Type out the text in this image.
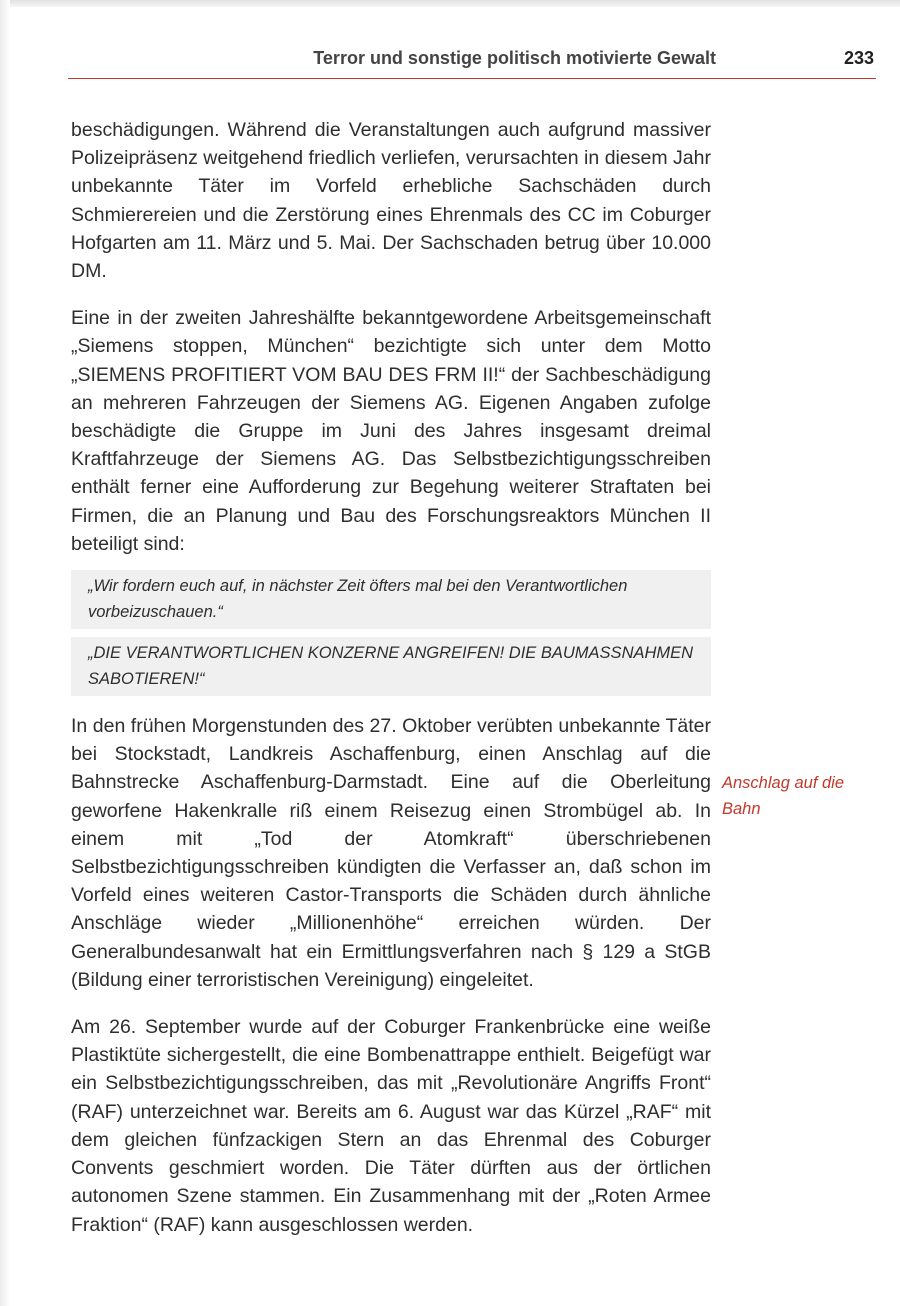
Terror und sonstige politisch motivierte Gewalt	233

beschädigungen. Während die Veranstaltungen auch aufgrund massiver Polizeipräsenz weitgehend friedlich verliefen, verursachten in diesem Jahr unbekannte Täter im Vorfeld erhebliche Sachschäden durch Schmierereien und die Zerstörung eines Ehrenmals des CC im Coburger Hofgarten am 11. März und 5. Mai. Der Sachschaden betrug über 10.000 DM.

Eine in der zweiten Jahreshälfte bekanntgewordene Arbeitsgemeinschaft „Siemens stoppen, München“ bezichtigte sich unter dem Motto „SIEMENS PROFITIERT VOM BAU DES FRM II!“ der Sachbeschädigung an mehreren Fahrzeugen der Siemens AG. Eigenen Angaben zufolge beschädigte die Gruppe im Juni des Jahres insgesamt dreimal Kraftfahrzeuge der Siemens AG. Das Selbstbezichtigungsschreiben enthält ferner eine Aufforderung zur Begehung weiterer Straftaten bei Firmen, die an Planung und Bau des Forschungsreaktors München II beteiligt sind:

„Wir fordern euch auf, in nächster Zeit öfters mal bei den Verantwortlichen vorbeizuschauen.“
„DIE VERANTWORTLICHEN KONZERNE ANGREIFEN! DIE BAUMASSNAHMEN SABOTIEREN!“

In den frühen Morgenstunden des 27. Oktober verübten unbekannte Täter bei Stockstadt, Landkreis Aschaffenburg, einen Anschlag auf die Bahnstrecke Aschaffenburg-Darmstadt. Eine auf die Oberleitung geworfene Hakenkralle riß einem Reisezug einen Strombügel ab. In einem mit „Tod der Atomkraft“ überschriebenen Selbstbezichtigungsschreiben kündigten die Verfasser an, daß schon im Vorfeld eines weiteren Castor-Transports die Schäden durch ähnliche Anschläge wieder „Millionenhöhe“ erreichen würden. Der Generalbundesanwalt hat ein Ermittlungsverfahren nach § 129 a StGB (Bildung einer terroristischen Vereinigung) eingeleitet.

Am 26. September wurde auf der Coburger Frankenbrücke eine weiße Plastiktüte sichergestellt, die eine Bombenattrappe enthielt. Beigefügt war ein Selbstbezichtigungsschreiben, das mit „Revolutionäre Angriffs Front“ (RAF) unterzeichnet war. Bereits am 6. August war das Kürzel „RAF“ mit dem gleichen fünfzackigen Stern an das Ehrenmal des Coburger Convents geschmiert worden. Die Täter dürften aus der örtlichen autonomen Szene stammen. Ein Zusammenhang mit der „Roten Armee Fraktion“ (RAF) kann ausgeschlossen werden.

Anschlag auf die Bahn
